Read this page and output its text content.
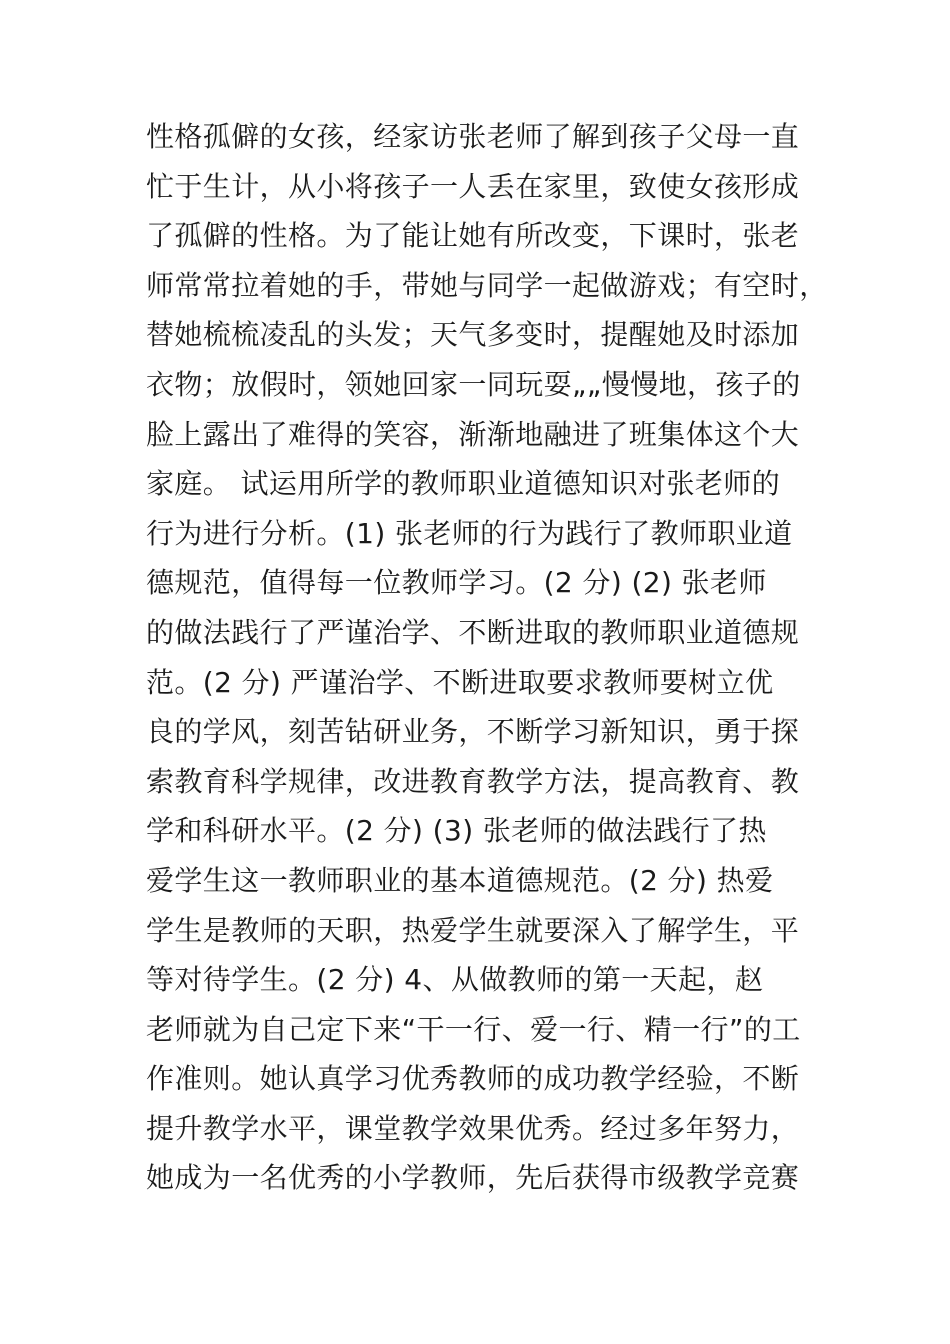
性格孤僻的女孩，经家访张老师了解到孩子父母一直
忙于生计，从小将孩子一人丢在家里，致使女孩形成
了孤僻的性格。为了能让她有所改变，下课时，张老
师常常拉着她的手，带她与同学一起做游戏；有空时，
替她梳梳凌乱的头发；天气多变时，提醒她及时添加
衣物；放假时，领她回家一同玩耍„„慢慢地，孩子的
脸上露出了难得的笑容，渐渐地融进了班集体这个大
家庭。 试运用所学的教师职业道德知识对张老师的
行为进行分析。(1) 张老师的行为践行了教师职业道
德规范，值得每一位教师学习。(2 分) (2) 张老师
的做法践行了严谨治学、不断进取的教师职业道德规
范。(2 分) 严谨治学、不断进取要求教师要树立优
良的学风，刻苦钻研业务，不断学习新知识，勇于探
索教育科学规律，改进教育教学方法，提高教育、教
学和科研水平。(2 分) (3) 张老师的做法践行了热
爱学生这一教师职业的基本道德规范。(2 分) 热爱
学生是教师的天职，热爱学生就要深入了解学生，平
等对待学生。(2 分) 4、从做教师的第一天起，赵
老师就为自己定下来“干一行、爱一行、精一行”的工
作准则。她认真学习优秀教师的成功教学经验，不断
提升教学水平，课堂教学效果优秀。经过多年努力，
她成为一名优秀的小学教师，先后获得市级教学竞赛
